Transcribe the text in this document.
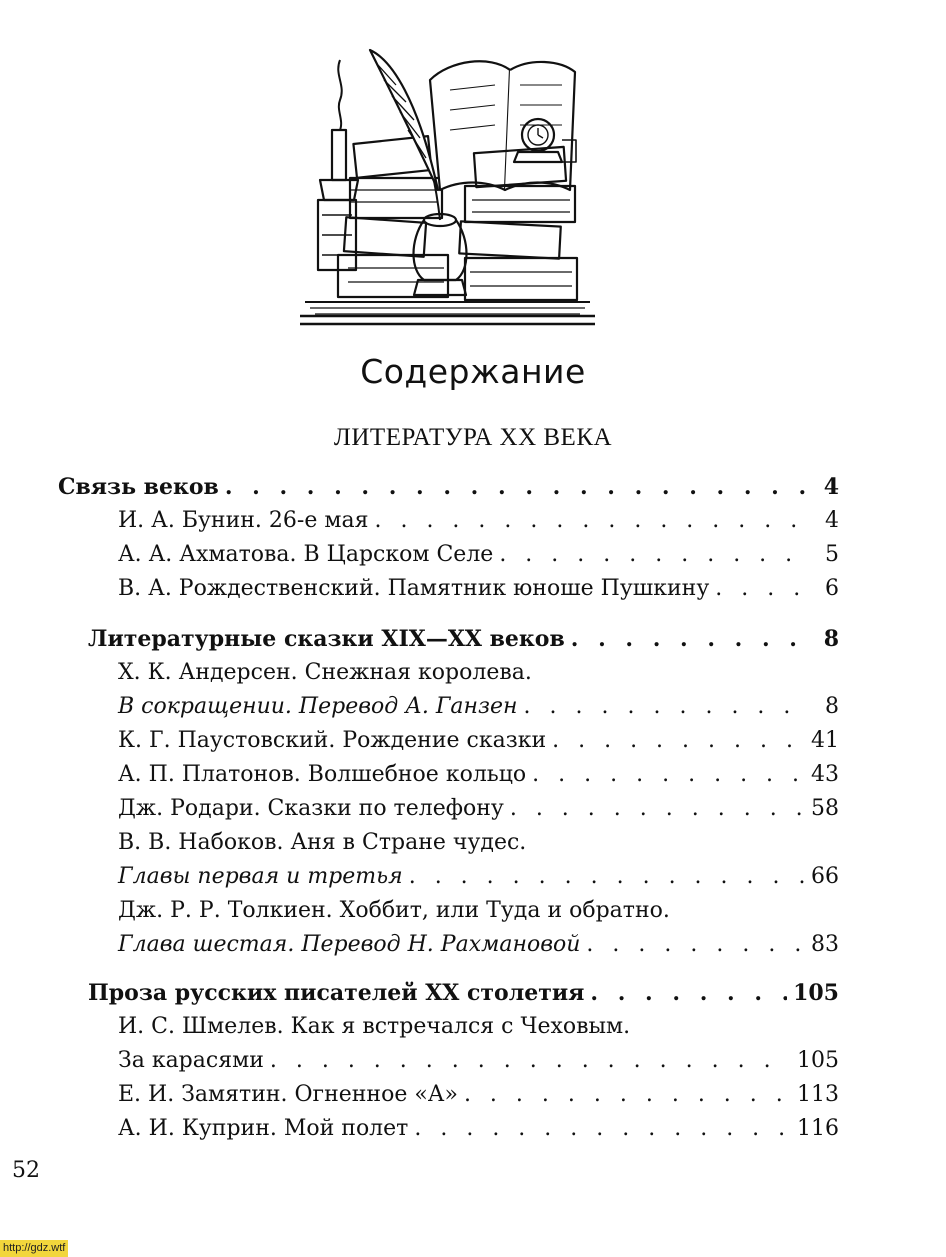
Содержание
ЛИТЕРАТУРА XX ВЕКА
Связь веков . . .	4
И. А. Бунин. 26-е мая . . .	4
А. А. Ахматова. В Царском Селе . . .	5
В. А. Рождественский. Памятник юноше Пушкину . . .	6
Литературные сказки XIX—XX веков . . .	8
Х. К. Андерсен. Снежная королева.
В сокращении. Перевод А. Ганзен . . .	8
К. Г. Паустовский. Рождение сказки . . .	41
А. П. Платонов. Волшебное кольцо . . .	43
Дж. Родари. Сказки по телефону . . .	58
В. В. Набоков. Аня в Стране чудес.
Главы первая и третья . . .	66
Дж. Р. Р. Толкиен. Хоббит, или Туда и обратно.
Глава шестая. Перевод Н. Рахмановой . . .	83
Проза русских писателей XX столетия . . .	105
И. С. Шмелев. Как я встречался с Чеховым.
За карасями . . .	105
Е. И. Замятин. Огненное «А» . . .	113
А. И. Куприн. Мой полет . . .	116
52
http://gdz.wtf
